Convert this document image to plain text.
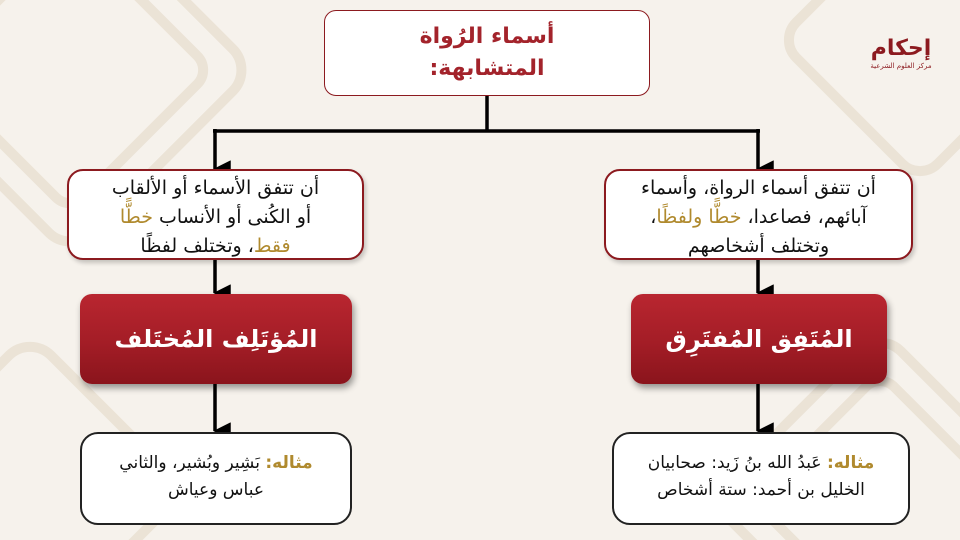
إحكام
مركز العلوم الشرعية
أسماء الرُواة
المتشابهة:
أن تتفق الأسماء أو الألقاب
أو الكُنى أو الأنساب خطًّا
فقط، وتختلف لفظًا
أن تتفق أسماء الرواة، وأسماء
آبائهم، فصاعدا، خطًّا ولفظًا،
وتختلف أشخاصهم
المُؤتَلِف المُختَلف	المُتَفِق المُفتَرِق
مثاله: بَشِير وبُشير، والثاني
عباس وعياش
مثاله: عَبدُ الله بنُ زَيد: صحابيان
الخليل بن أحمد: ستة أشخاص
